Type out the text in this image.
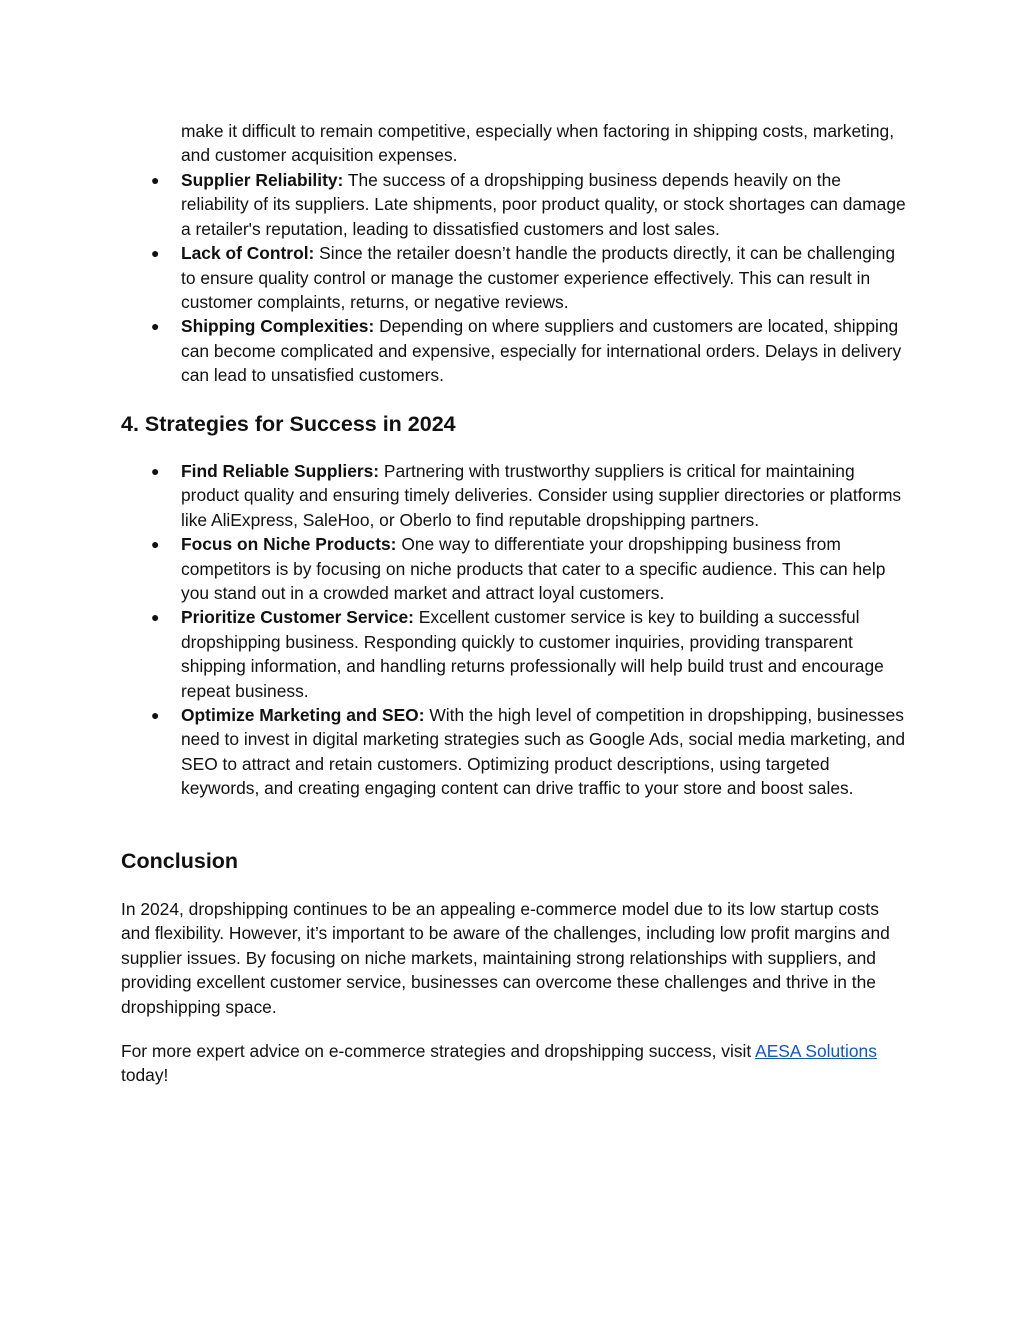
make it difficult to remain competitive, especially when factoring in shipping costs, marketing, and customer acquisition expenses.

●	Supplier Reliability: The success of a dropshipping business depends heavily on the reliability of its suppliers. Late shipments, poor product quality, or stock shortages can damage a retailer's reputation, leading to dissatisfied customers and lost sales.
●	Lack of Control: Since the retailer doesn’t handle the products directly, it can be challenging to ensure quality control or manage the customer experience effectively. This can result in customer complaints, returns, or negative reviews.
●	Shipping Complexities: Depending on where suppliers and customers are located, shipping can become complicated and expensive, especially for international orders. Delays in delivery can lead to unsatisfied customers.
4. Strategies for Success in 2024
●	Find Reliable Suppliers: Partnering with trustworthy suppliers is critical for maintaining product quality and ensuring timely deliveries. Consider using supplier directories or platforms like AliExpress, SaleHoo, or Oberlo to find reputable dropshipping partners.
●	Focus on Niche Products: One way to differentiate your dropshipping business from competitors is by focusing on niche products that cater to a specific audience. This can help you stand out in a crowded market and attract loyal customers.
●	Prioritize Customer Service: Excellent customer service is key to building a successful dropshipping business. Responding quickly to customer inquiries, providing transparent shipping information, and handling returns professionally will help build trust and encourage repeat business.
●	Optimize Marketing and SEO: With the high level of competition in dropshipping, businesses need to invest in digital marketing strategies such as Google Ads, social media marketing, and SEO to attract and retain customers. Optimizing product descriptions, using targeted keywords, and creating engaging content can drive traffic to your store and boost sales.
Conclusion

In 2024, dropshipping continues to be an appealing e-commerce model due to its low startup costs and flexibility. However, it’s important to be aware of the challenges, including low profit margins and supplier issues. By focusing on niche markets, maintaining strong relationships with suppliers, and providing excellent customer service, businesses can overcome these challenges and thrive in the dropshipping space.

For more expert advice on e-commerce strategies and dropshipping success, visit AESA Solutions today!
